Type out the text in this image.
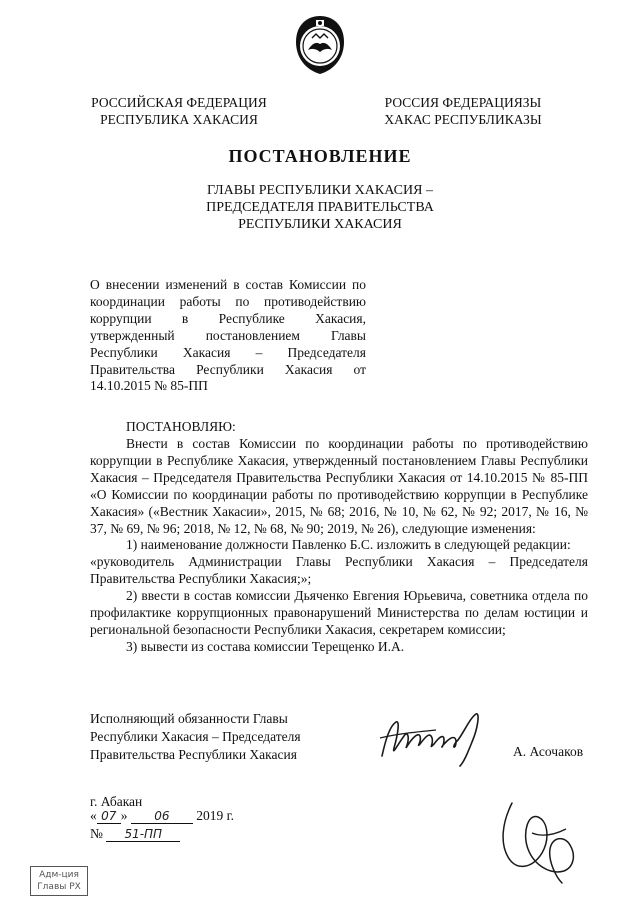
РОССИЙСКАЯ ФЕДЕРАЦИЯ
РЕСПУБЛИКА ХАКАСИЯ
РОССИЯ ФЕДЕРАЦИЯЗЫ
ХАКАС РЕСПУБЛИКАЗЫ
ПОСТАНОВЛЕНИЕ
ГЛАВЫ РЕСПУБЛИКИ ХАКАСИЯ –
ПРЕДСЕДАТЕЛЯ ПРАВИТЕЛЬСТВА
РЕСПУБЛИКИ ХАКАСИЯ
О внесении изменений в состав Комиссии по координации работы по противодействию коррупции в Республике Хакасия, утвержденный постановлением Главы Республики Хакасия – Председателя Правительства Республики Хакасия от 14.10.2015 № 85-ПП
ПОСТАНОВЛЯЮ:

Внести в состав Комиссии по координации работы по противодействию коррупции в Республике Хакасия, утвержденный постановлением Главы Республики Хакасия – Председателя Правительства Республики Хакасия от 14.10.2015 № 85-ПП «О Комиссии по координации работы по противодействию коррупции в Республике Хакасия» («Вестник Хакасии», 2015, № 68; 2016, № 10, № 62, № 92; 2017, № 16, № 37, № 69, № 96; 2018, № 12, № 68, № 90; 2019, № 26), следующие изменения:

1) наименование должности Павленко Б.С. изложить в следующей редакции:

«руководитель Администрации Главы Республики Хакасия – Председателя Правительства Республики Хакасия;»;

2) ввести в состав комиссии Дьяченко Евгения Юрьевича, советника отдела по профилактике коррупционных правонарушений Министерства по делам юстиции и региональной безопасности Республики Хакасия, секретарем комиссии;

3) вывести из состава комиссии Терещенко И.А.

Исполняющий обязанности Главы
Республики Хакасия – Председателя
Правительства Республики Хакасия	А. Асочаков
г. Абакан
« 07 » 06 2019 г.
№ 51-ПП
Адм-ция
Главы РХ
